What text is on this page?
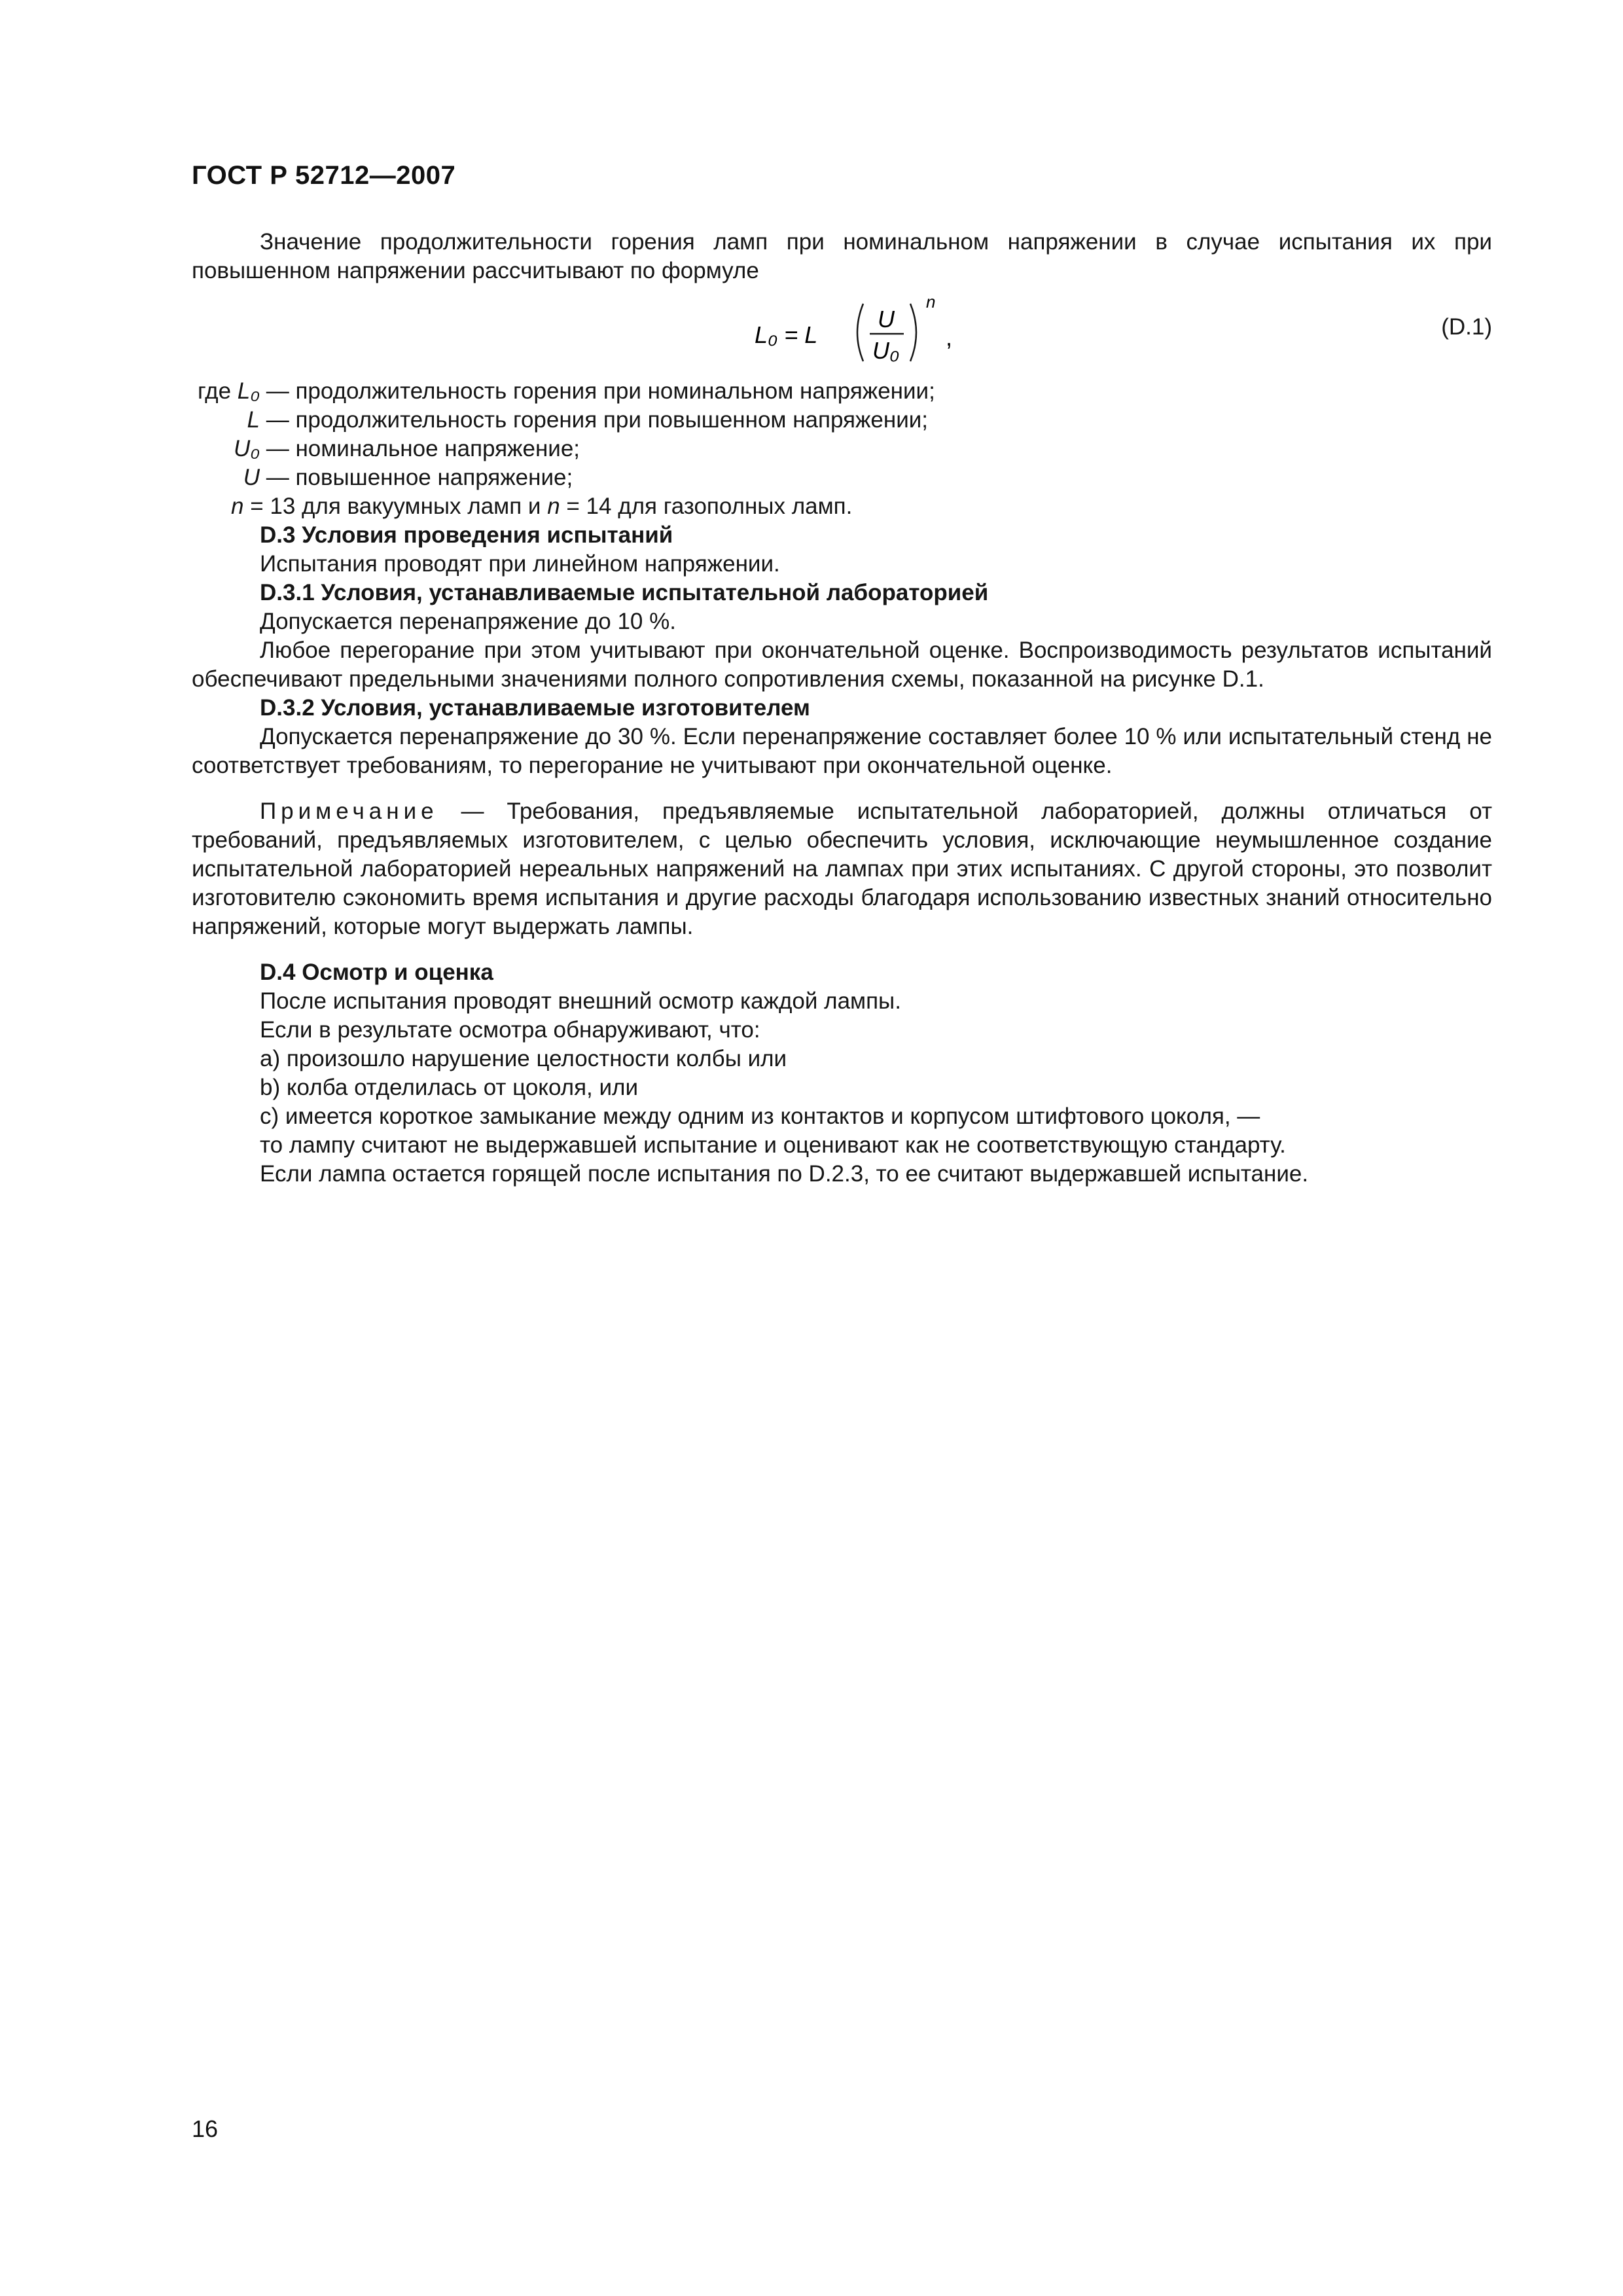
ГОСТ Р 52712—2007

Значение продолжительности горения ламп при номинальном напряжении в случае испытания их при повышенном напряжении рассчитывают по формуле

L₀ = L
U
U₀
n
,	(D.1)
где L₀ — продолжительность горения при номинальном напряжении;
L — продолжительность горения при повышенном напряжении;
U₀ — номинальное напряжение;
U — повышенное напряжение;
n = 13 для вакуумных ламп и n = 14 для газополных ламп.
D.3 Условия проведения испытаний
Испытания проводят при линейном напряжении.
D.3.1 Условия, устанавливаемые испытательной лабораторией
Допускается перенапряжение до 10 %.

Любое перегорание при этом учитывают при окончательной оценке. Воспроизводимость результатов испытаний обеспечивают предельными значениями полного сопротивления схемы, показанной на рисунке D.1.

D.3.2 Условия, устанавливаемые изготовителем

Допускается перенапряжение до 30 %. Если перенапряжение составляет более 10 % или испытательный стенд не соответствует требованиям, то перегорание не учитывают при окончательной оценке.

Примечание — Требования, предъявляемые испытательной лабораторией, должны отличаться от требований, предъявляемых изготовителем, с целью обеспечить условия, исключающие неумышленное создание испытательной лабораторией нереальных напряжений на лампах при этих испытаниях. С другой стороны, это позволит изготовителю сэкономить время испытания и другие расходы благодаря использованию известных знаний относительно напряжений, которые могут выдержать лампы.

D.4 Осмотр и оценка
После испытания проводят внешний осмотр каждой лампы.
Если в результате осмотра обнаруживают, что:
a) произошло нарушение целостности колбы или
b) колба отделилась от цоколя, или
c) имеется короткое замыкание между одним из контактов и корпусом штифтового цоколя, —
то лампу считают не выдержавшей испытание и оценивают как не соответствующую стандарту.
Если лампа остается горящей после испытания по D.2.3, то ее считают выдержавшей испытание.
16
